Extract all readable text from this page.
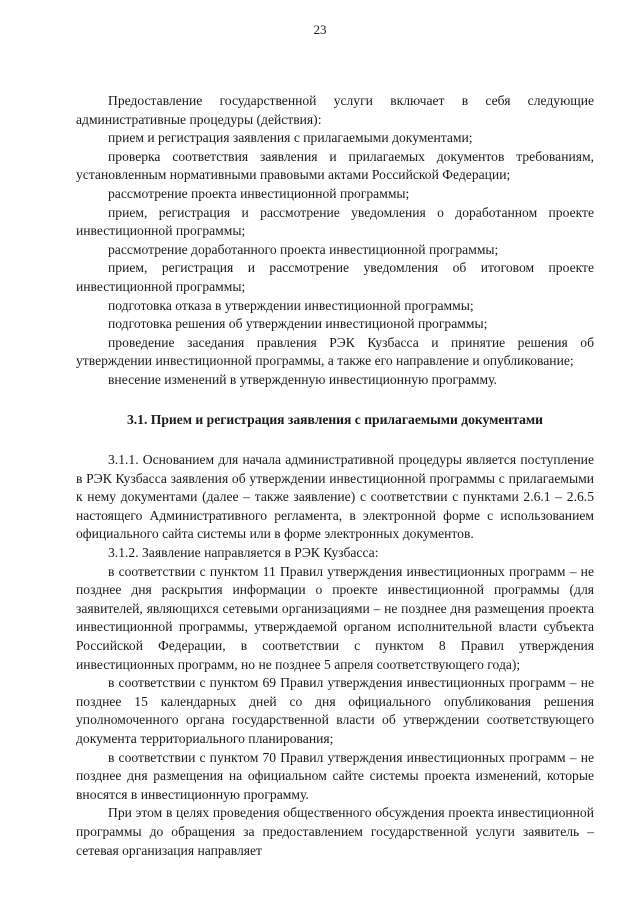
23

Предоставление государственной услуги включает в себя следующие административные процедуры (действия):

прием и регистрация заявления с прилагаемыми документами;

проверка соответствия заявления и прилагаемых документов требованиям, установленным нормативными правовыми актами Российской Федерации;

рассмотрение проекта инвестиционной программы;

прием, регистрация и рассмотрение уведомления о доработанном проекте инвестиционной программы;

рассмотрение доработанного проекта инвестиционной программы;

прием, регистрация и рассмотрение уведомления об итоговом проекте инвестиционной программы;

подготовка отказа в утверждении инвестиционной программы;

подготовка решения об утверждении инвестиционой программы;

проведение заседания правления РЭК Кузбасса и принятие решения об утверждении инвестиционной программы, а также его направление и опубликование;

внесение изменений в утвержденную инвестиционную программу.

3.1. Прием и регистрация заявления с прилагаемыми документами

3.1.1. Основанием для начала административной процедуры является поступление в РЭК Кузбасса заявления об утверждении инвестиционной программы с прилагаемыми к нему документами (далее – также заявление) с соответствии с пунктами 2.6.1 – 2.6.5 настоящего Административного регламента, в электронной форме с использованием официального сайта системы или в форме электронных документов.

3.1.2. Заявление направляется в РЭК Кузбасса:

в соответствии с пунктом 11 Правил утверждения инвестиционных программ – не позднее дня раскрытия информации о проекте инвестиционной программы (для заявителей, являющихся сетевыми организациями – не позднее дня размещения проекта инвестиционной программы, утверждаемой органом исполнительной власти субъекта Российской Федерации, в соответствии с пунктом 8 Правил утверждения инвестиционных программ, но не позднее 5 апреля соответствующего года);

в соответствии с пунктом 69 Правил утверждения инвестиционных программ – не позднее 15 календарных дней со дня официального опубликования решения уполномоченного органа государственной власти об утверждении соответствующего документа территориального планирования;

в соответствии с пунктом 70 Правил утверждения инвестиционных программ – не позднее дня размещения на официальном сайте системы проекта изменений, которые вносятся в инвестиционную программу.

При этом в целях проведения общественного обсуждения проекта инвестиционной программы до обращения за предоставлением государственной услуги заявитель – сетевая организация направляет
